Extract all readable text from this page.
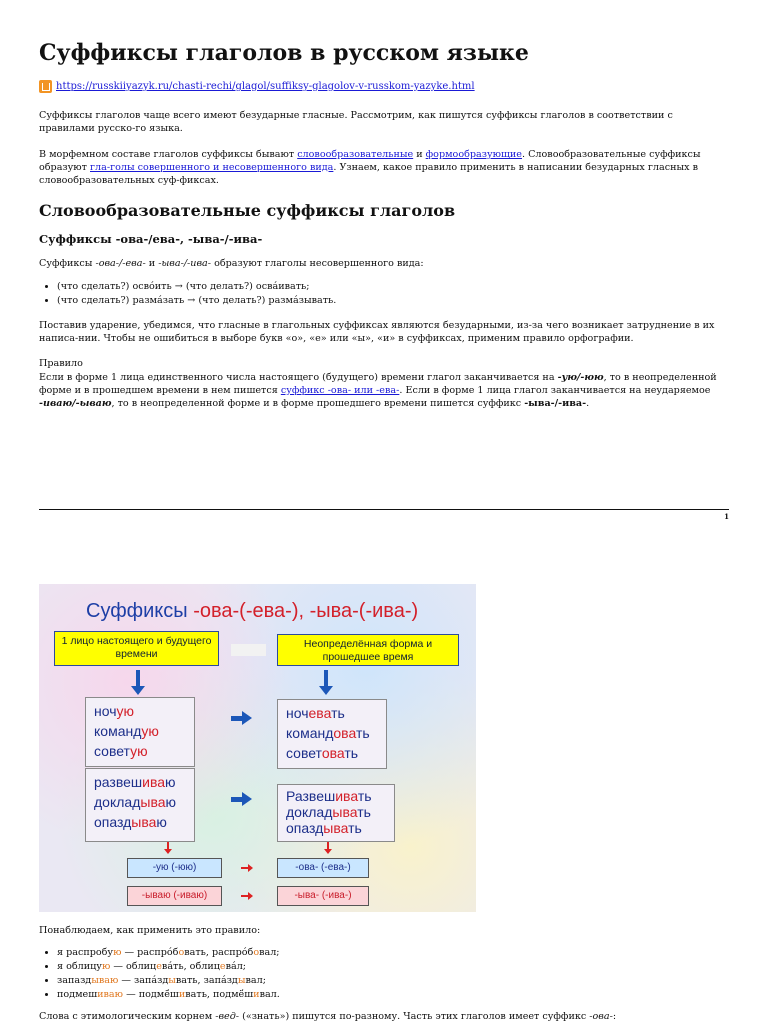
Суффиксы глаголов в русском языке
https://russkiiyazyk.ru/chasti-rechi/glagol/suffiksy-glagolov-v-russkom-yazyke.html

Суффиксы глаголов чаще всего имеют безударные гласные. Рассмотрим, как пишутся суффиксы глаголов в соответствии с правилами русско-го языка.

В морфемном составе глаголов суффиксы бывают словообразовательные и формообразующие. Словообразовательные суффиксы образуют гла-голы совершенного и несовершенного вида. Узнаем, какое правило применить в написании безударных гласных в словообразовательных суф-фиксах.

Словообразовательные суффиксы глаголов
Суффиксы -ова-/ева-, -ыва-/-ива-

Суффиксы -ова-/-ева- и -ыва-/-ива- образуют глаголы несовершенного вида:

• (что сделать?) осво́ить → (что делать?) осва́ивать;
• (что сделать?) разма́зать → (что делать?) разма́зывать.

Поставив ударение, убедимся, что гласные в глагольных суффиксах являются безударными, из-за чего возникает затруднение в их написа-нии. Чтобы не ошибиться в выборе букв «о», «е» или «ы», «и» в суффиксах, применим правило орфографии.

Правило

Если в форме 1 лица единственного числа настоящего (будущего) времени глагол заканчивается на -ую/-юю, то в неопределенной форме и в прошедшем времени в нем пишется суффикс -ова- или -ева-. Если в форме 1 лица глагол заканчивается на неударяемое -иваю/-ываю, то в неопределенной форме и в форме прошедшего времени пишется суффикс -ыва-/-ива-.

1
Суффиксы -ова-(-ева-), -ыва-(-ива-)
1 лицо настоящего и будущего времени
Неопределённая форма и прошедшее время
ночую
командую
советую
ночевать
командовать
советовать
развешиваю
докладываю
опаздываю
Развешивать
докладывать
опаздывать
-ую (-юю)	-ова- (-ева-)
-ываю (-иваю)	-ыва- (-ива-)

Понаблюдаем, как применить это правило:

• я распробую — распро́бовать, распро́бовал;
• я облицую — облицева́ть, облицева́л;
• запаздываю — запа́здывать, запа́здывал;
• подмешиваю — подмё́шивать, подмё́шивал.

Слова с этимологическим корнем -вед- («знать») пишутся по-разному. Часть этих глаголов имеет суффикс -ова-:
